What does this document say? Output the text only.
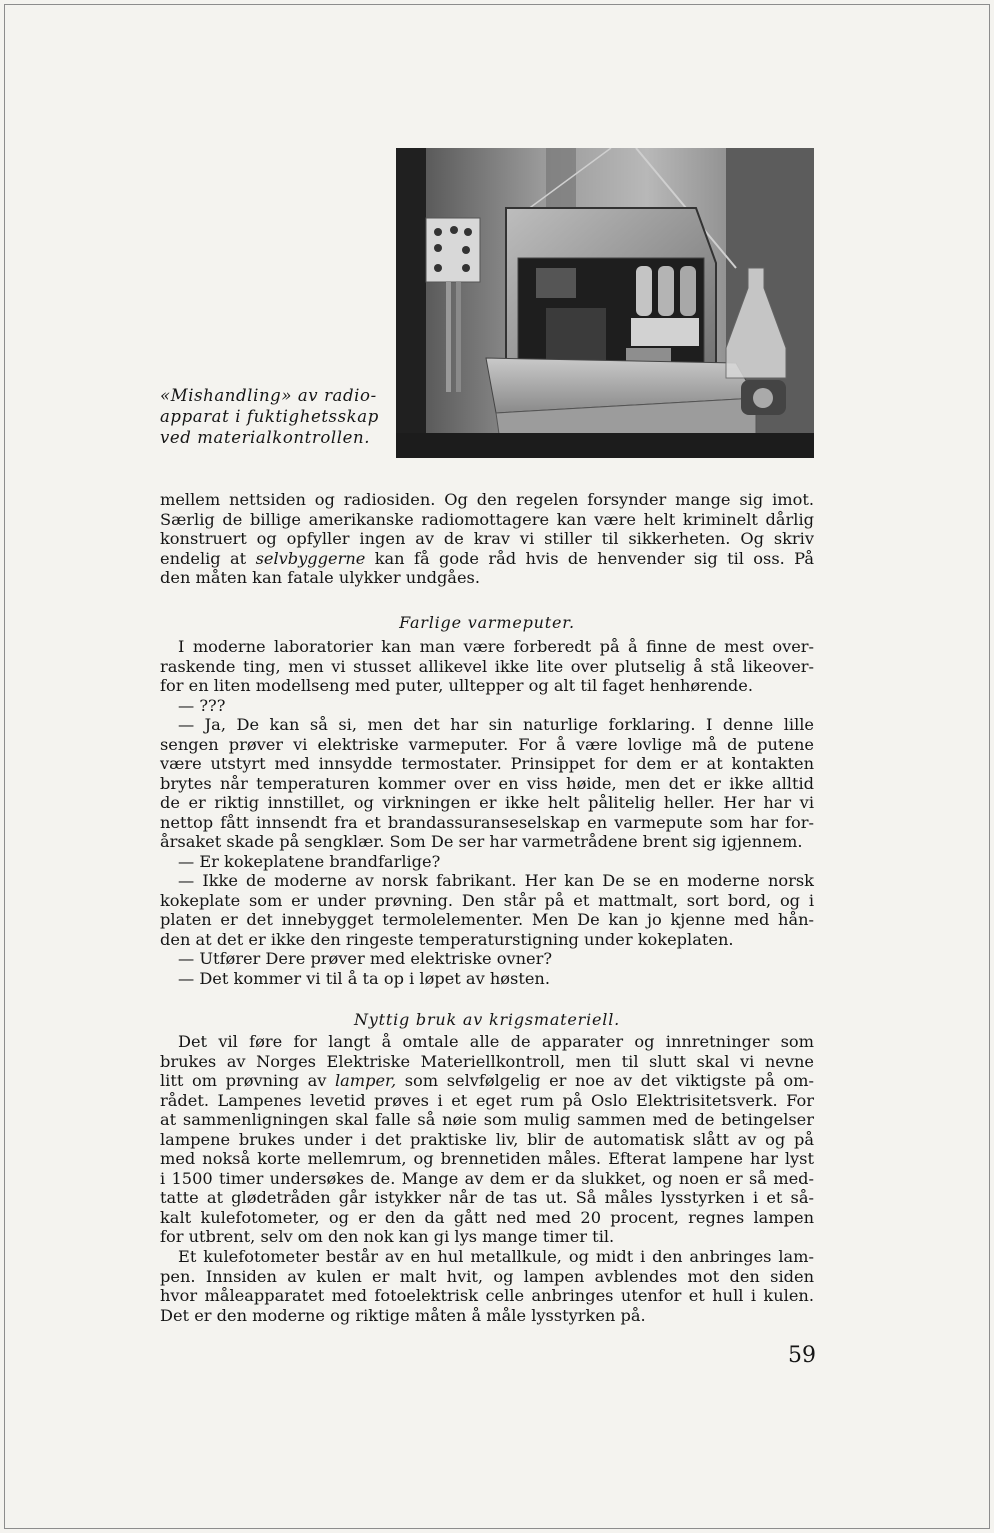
«Mishandling» av radio-
apparat i fuktighetsskap
ved materialkontrollen.
mellem nettsiden og radiosiden. Og den regelen forsynder mange sig imot.
Særlig de billige amerikanske radiomottagere kan være helt kriminelt dårlig
konstruert og opfyller ingen av de krav vi stiller til sikkerheten. Og skriv
endelig at selvbyggerne kan få gode råd hvis de henvender sig til oss. På
den måten kan fatale ulykker undgåes.
Farlige varmeputer.
I moderne laboratorier kan man være forberedt på å finne de mest over-
raskende ting, men vi stusset allikevel ikke lite over plutselig å stå likeover-
for en liten modellseng med puter, ulltepper og alt til faget henhørende.
— ???
— Ja, De kan så si, men det har sin naturlige forklaring. I denne lille
sengen prøver vi elektriske varmeputer. For å være lovlige må de putene
være utstyrt med innsydde termostater. Prinsippet for dem er at kontakten
brytes når temperaturen kommer over en viss høide, men det er ikke alltid
de er riktig innstillet, og virkningen er ikke helt pålitelig heller. Her har vi
nettop fått innsendt fra et brandassuranseselskap en varmepute som har for-
årsaket skade på sengklær. Som De ser har varmetrådene brent sig igjennem.
— Er kokeplatene brandfarlige?
— Ikke de moderne av norsk fabrikant. Her kan De se en moderne norsk
kokeplate som er under prøvning. Den står på et mattmalt, sort bord, og i
platen er det innebygget termolelementer. Men De kan jo kjenne med hån-
den at det er ikke den ringeste temperaturstigning under kokeplaten.
— Utfører Dere prøver med elektriske ovner?
— Det kommer vi til å ta op i løpet av høsten.
Nyttig bruk av krigsmateriell.
Det vil føre for langt å omtale alle de apparater og innretninger som
brukes av Norges Elektriske Materiellkontroll, men til slutt skal vi nevne
litt om prøvning av lamper, som selvfølgelig er noe av det viktigste på om-
rådet. Lampenes levetid prøves i et eget rum på Oslo Elektrisitetsverk. For
at sammenligningen skal falle så nøie som mulig sammen med de betingelser
lampene brukes under i det praktiske liv, blir de automatisk slått av og på
med nokså korte mellemrum, og brennetiden måles. Efterat lampene har lyst
i 1500 timer undersøkes de. Mange av dem er da slukket, og noen er så med-
tatte at glødetråden går istykker når de tas ut. Så måles lysstyrken i et så-
kalt kulefotometer, og er den da gått ned med 20 procent, regnes lampen
for utbrent, selv om den nok kan gi lys mange timer til.
Et kulefotometer består av en hul metallkule, og midt i den anbringes lam-
pen. Innsiden av kulen er malt hvit, og lampen avblendes mot den siden
hvor måleapparatet med fotoelektrisk celle anbringes utenfor et hull i kulen.
Det er den moderne og riktige måten å måle lysstyrken på.
59
